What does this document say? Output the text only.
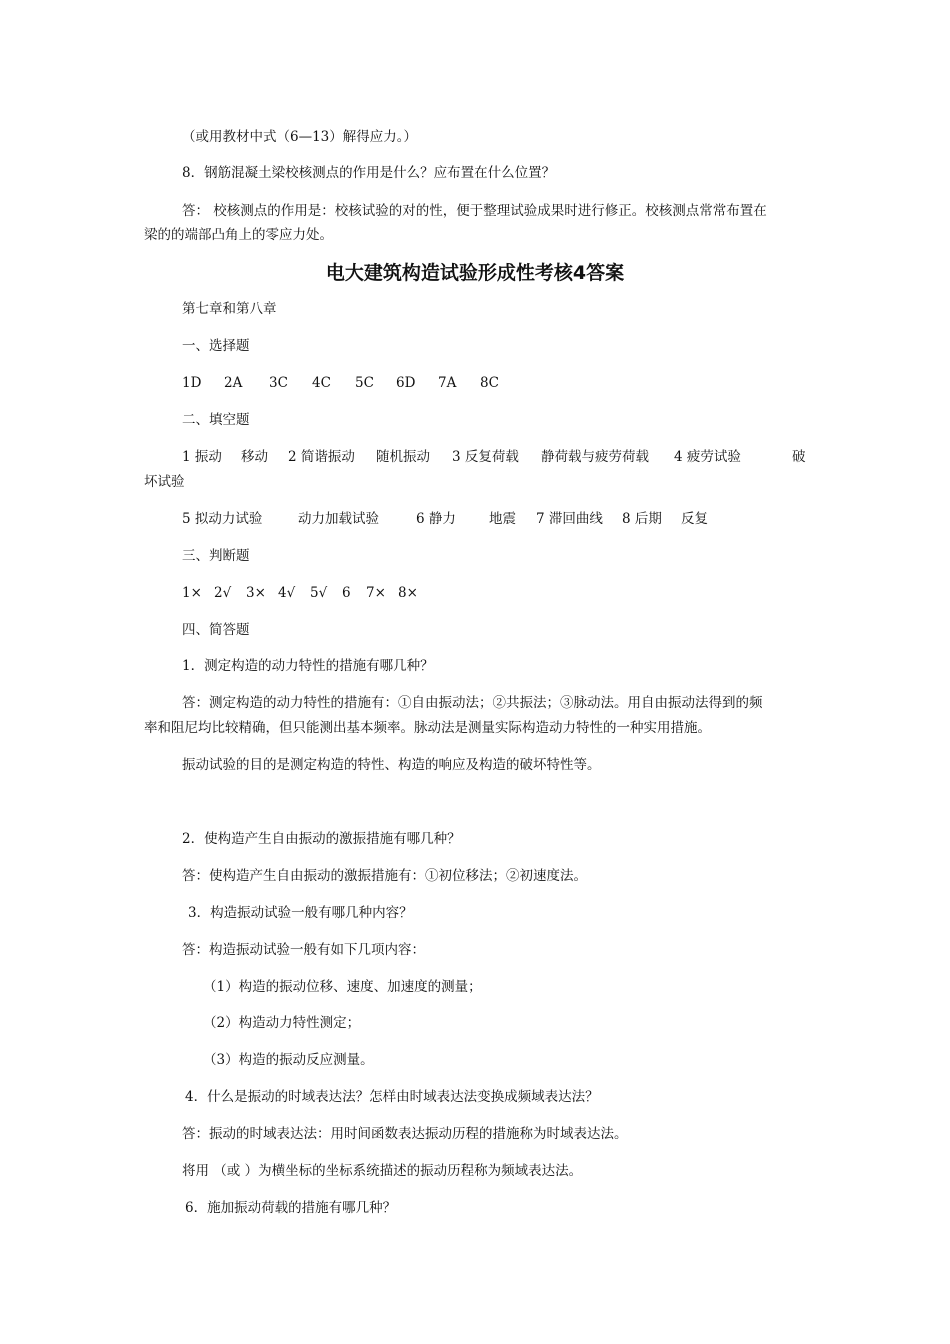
（或用教材中式（6—13）解得应力。）
8．钢筋混凝土梁校核测点的作用是什么？应布置在什么位置？
答： 校核测点的作用是：校核试验的对的性，便于整理试验成果时进行修正。校核测点常常布置在
梁的的端部凸角上的零应力处。
电大建筑构造试验形成性考核4答案
第七章和第八章
一、选择题
1D 2A 3C 4C 5C 6D 7A 8C
二、填空题
1 振动 移动 2 简谐振动 随机振动 3 反复荷载 静荷载与疲劳荷载 4 疲劳试验	破
坏试验
5 拟动力试验	动力加载试验	6 静力 地震 7 滞回曲线 8 后期 反复
三、判断题
1× 2√ 3× 4√ 5√ 6 7× 8×
四、简答题
1．测定构造的动力特性的措施有哪几种？
答：测定构造的动力特性的措施有：①自由振动法；②共振法；③脉动法。用自由振动法得到的频
率和阻尼均比较精确，但只能测出基本频率。脉动法是测量实际构造动力特性的一种实用措施。
振动试验的目的是测定构造的特性、构造的响应及构造的破坏特性等。
2．使构造产生自由振动的激振措施有哪几种？
答：使构造产生自由振动的激振措施有：①初位移法；②初速度法。
3．构造振动试验一般有哪几种内容？
答：构造振动试验一般有如下几项内容：
（1）构造的振动位移、速度、加速度的测量；
（2）构造动力特性测定；
（3）构造的振动反应测量。
4．什么是振动的时域表达法？怎样由时域表达法变换成频域表达法？
答：振动的时域表达法：用时间函数表达振动历程的措施称为时域表达法。
将用 （或 ）为横坐标的坐标系统描述的振动历程称为频域表达法。
6．施加振动荷载的措施有哪几种？
